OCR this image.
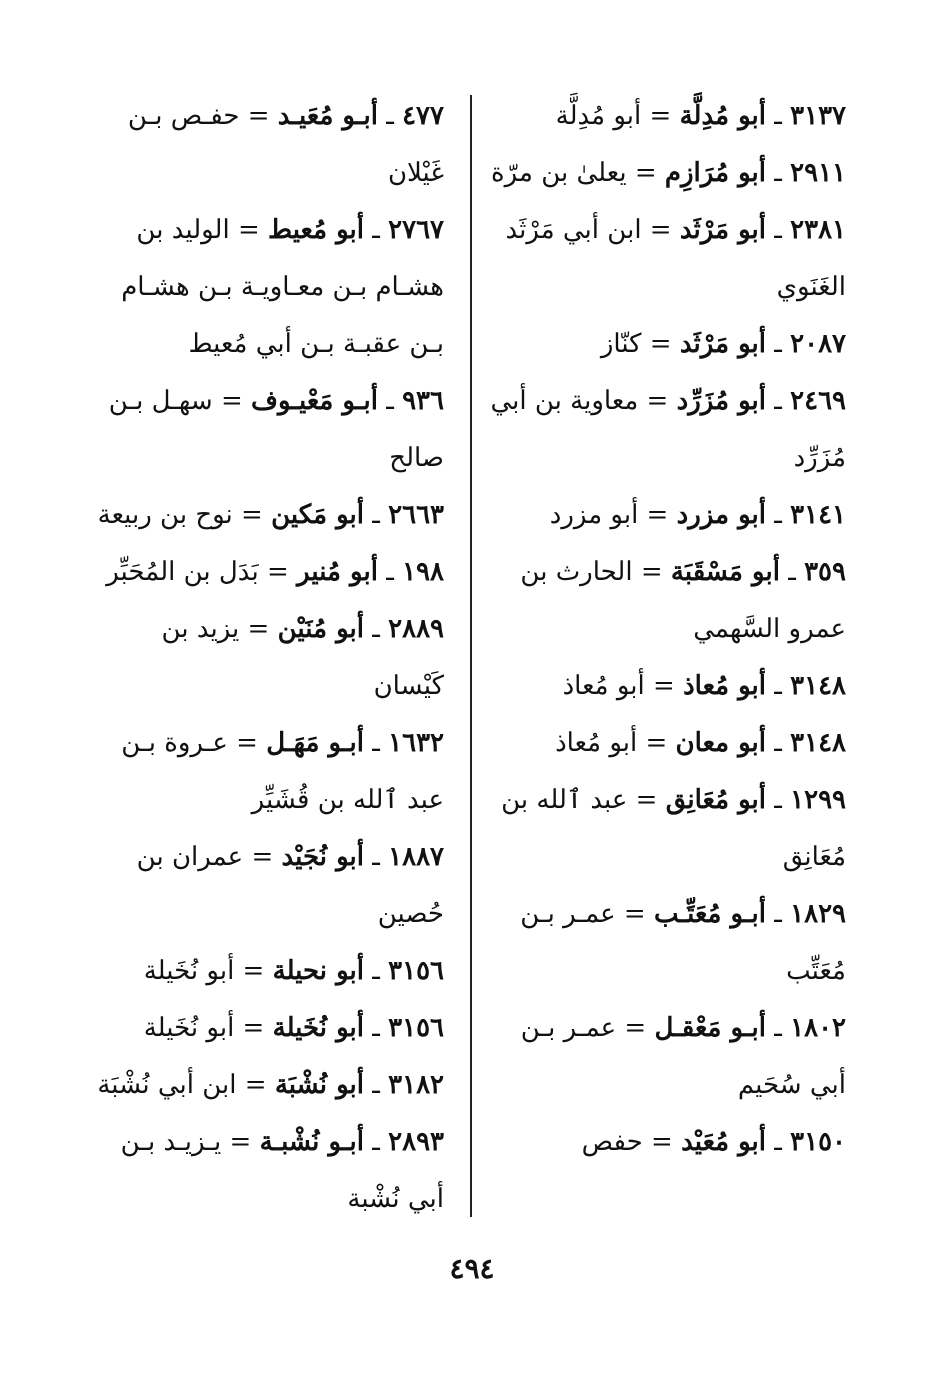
٣١٣٧ ـ أبو مُدِلَّة = أبو مُدِلَّة

٢٩١١ ـ أبو مُرَازِم = يعلىٰ بن مرّة

٢٣٨١ ـ أبو مَرْثَد = ابن أبي مَرْثَد الغَنَوي

٢٠٨٧ ـ أبو مَرْثَد = كنّاز

٢٤٦٩ ـ أبو مُزَرِّد = معاوية بن أبي مُزَرِّد

٣١٤١ ـ أبو مزرد = أبو مزرد

٣٥٩ ـ أبو مَسْقَبَة = الحارث بن عمرو السَّهمي

٣١٤٨ ـ أبو مُعاذ = أبو مُعاذ

٣١٤٨ ـ أبو معان = أبو مُعاذ

١٢٩٩ ـ أبو مُعَانِق = عبد ٱلله بن مُعَانِق

١٨٢٩ ـ أبـو مُعَتِّـب = عمـر بـن مُعَتِّب

١٨٠٢ ـ أبـو مَعْقـل = عمـر بـن أبي سُحَيم

٣١٥٠ ـ أبو مُعَيْد = حفص

٤٧٧ ـ أبـو مُعَيـد = حفـص بـن غَيْلان

٢٧٦٧ ـ أبو مُعيط = الوليد بن هشـام بـن معـاويـة بـن هشـام بـن عقبـة بـن أبي مُعيط

٩٣٦ ـ أبـو مَعْيـوف = سهـل بـن صالح

٢٦٦٣ ـ أبو مَكين = نوح بن ربيعة

١٩٨ ـ أبو مُنير = بَدَل بن المُحَبِّر

٢٨٨٩ ـ أبو مُنَيْن = يزيد بن كَيْسان

١٦٣٢ ـ أبـو مَهَـل = عـروة بـن عبد ٱلله بن قُشَيِّر

١٨٨٧ ـ أبو نُجَيْد = عمران بن حُصين

٣١٥٦ ـ أبو نحيلة = أبو نُخَيلة

٣١٥٦ ـ أبو نُخَيلة = أبو نُخَيلة

٣١٨٢ ـ أبو نُشْبَة = ابن أبي نُشْبَة

٢٨٩٣ ـ أبـو نُشْبـة = يـزيـد بـن أبي نُشْبة

٤٩٤
